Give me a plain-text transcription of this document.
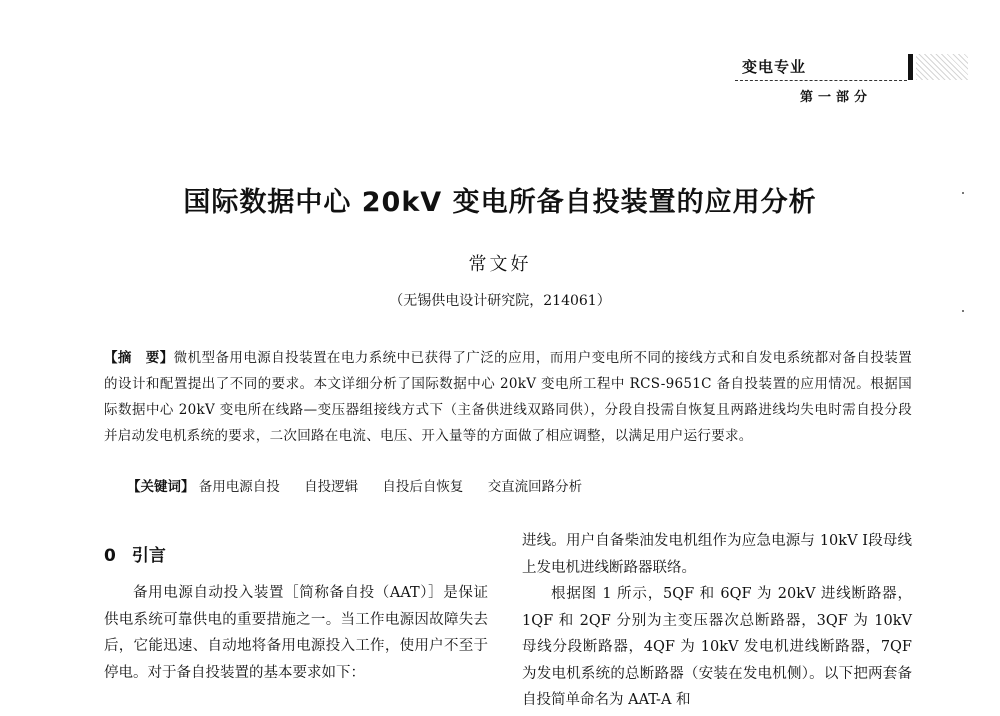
变电专业
第一部分
国际数据中心 20kV 变电所备自投装置的应用分析
常文好
（无锡供电设计研究院，214061）
【摘　要】微机型备用电源自投装置在电力系统中已获得了广泛的应用，而用户变电所不同的接线方式和自发电系统都对备自投装置的设计和配置提出了不同的要求。本文详细分析了国际数据中心 20kV 变电所工程中 RCS-9651C 备自投装置的应用情况。根据国际数据中心 20kV 变电所在线路—变压器组接线方式下（主备供进线双路同供），分段自投需自恢复且两路进线均失电时需自投分段并启动发电机系统的要求，二次回路在电流、电压、开入量等的方面做了相应调整，以满足用户运行要求。
【关键词】 备用电源自投 自投逻辑 自投后自恢复 交直流回路分析
0 引言

备用电源自动投入装置［简称备自投（AAT）］是保证供电系统可靠供电的重要措施之一。当工作电源因故障失去后，它能迅速、自动地将备用电源投入工作，使用户不至于停电。对于备自投装置的基本要求如下：

进线。用户自备柴油发电机组作为应急电源与 10kV Ⅰ段母线上发电机进线断路器联络。

根据图 1 所示，5QF 和 6QF 为 20kV 进线断路器，1QF 和 2QF 分别为主变压器次总断路器，3QF 为 10kV 母线分段断路器，4QF 为 10kV 发电机进线断路器，7QF 为发电机系统的总断路器（安装在发电机侧）。以下把两套备自投简单命名为 AAT-A 和
